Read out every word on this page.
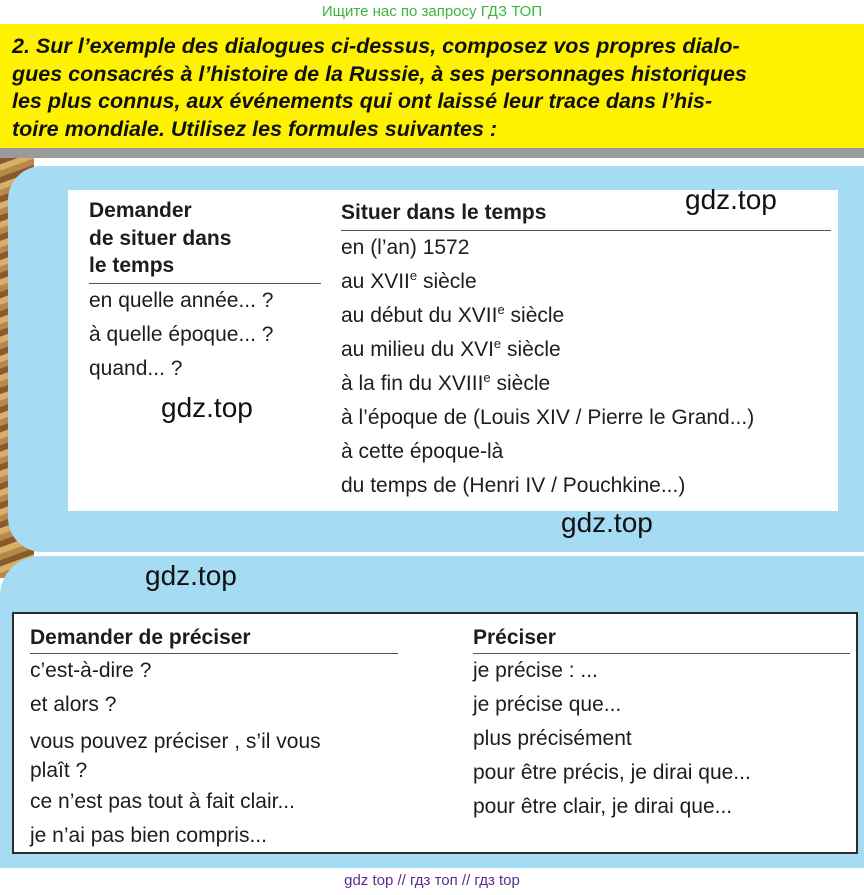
Ищите нас по запросу ГДЗ ТОП
2. Sur l’exemple des dialogues ci-dessus, composez vos propres dialo-
gues consacrés à l’histoire de la Russie, à ses personnages historiques
les plus connus, aux événements qui ont laissé leur trace dans l’his-
toire mondiale. Utilisez les formules suivantes :
Demander
de situer dans
le temps
en quelle année... ?
à quelle époque... ?
quand... ?
Situer dans le temps
en (l’an) 1572
au XVIIe siècle
au début du XVIIe siècle
au milieu du XVIe siècle
à la fin du XVIIIe siècle
à l’époque de (Louis XIV / Pierre le Grand...)
à cette époque-là
du temps de (Henri IV / Pouchkine...)
Demander de préciser
c’est-à-dire ?
et alors ?
vous pouvez préciser , s’il vous
plaît ?
ce n’est pas tout à fait clair...
je n’ai pas bien compris...
Préciser
je précise : ...
je précise que...
plus précisément
pour être précis, je dirai que...
pour être clair, je dirai que...
gdz.top
gdz.top
gdz.top
gdz.top
gdz top // гдз топ // гдз top
